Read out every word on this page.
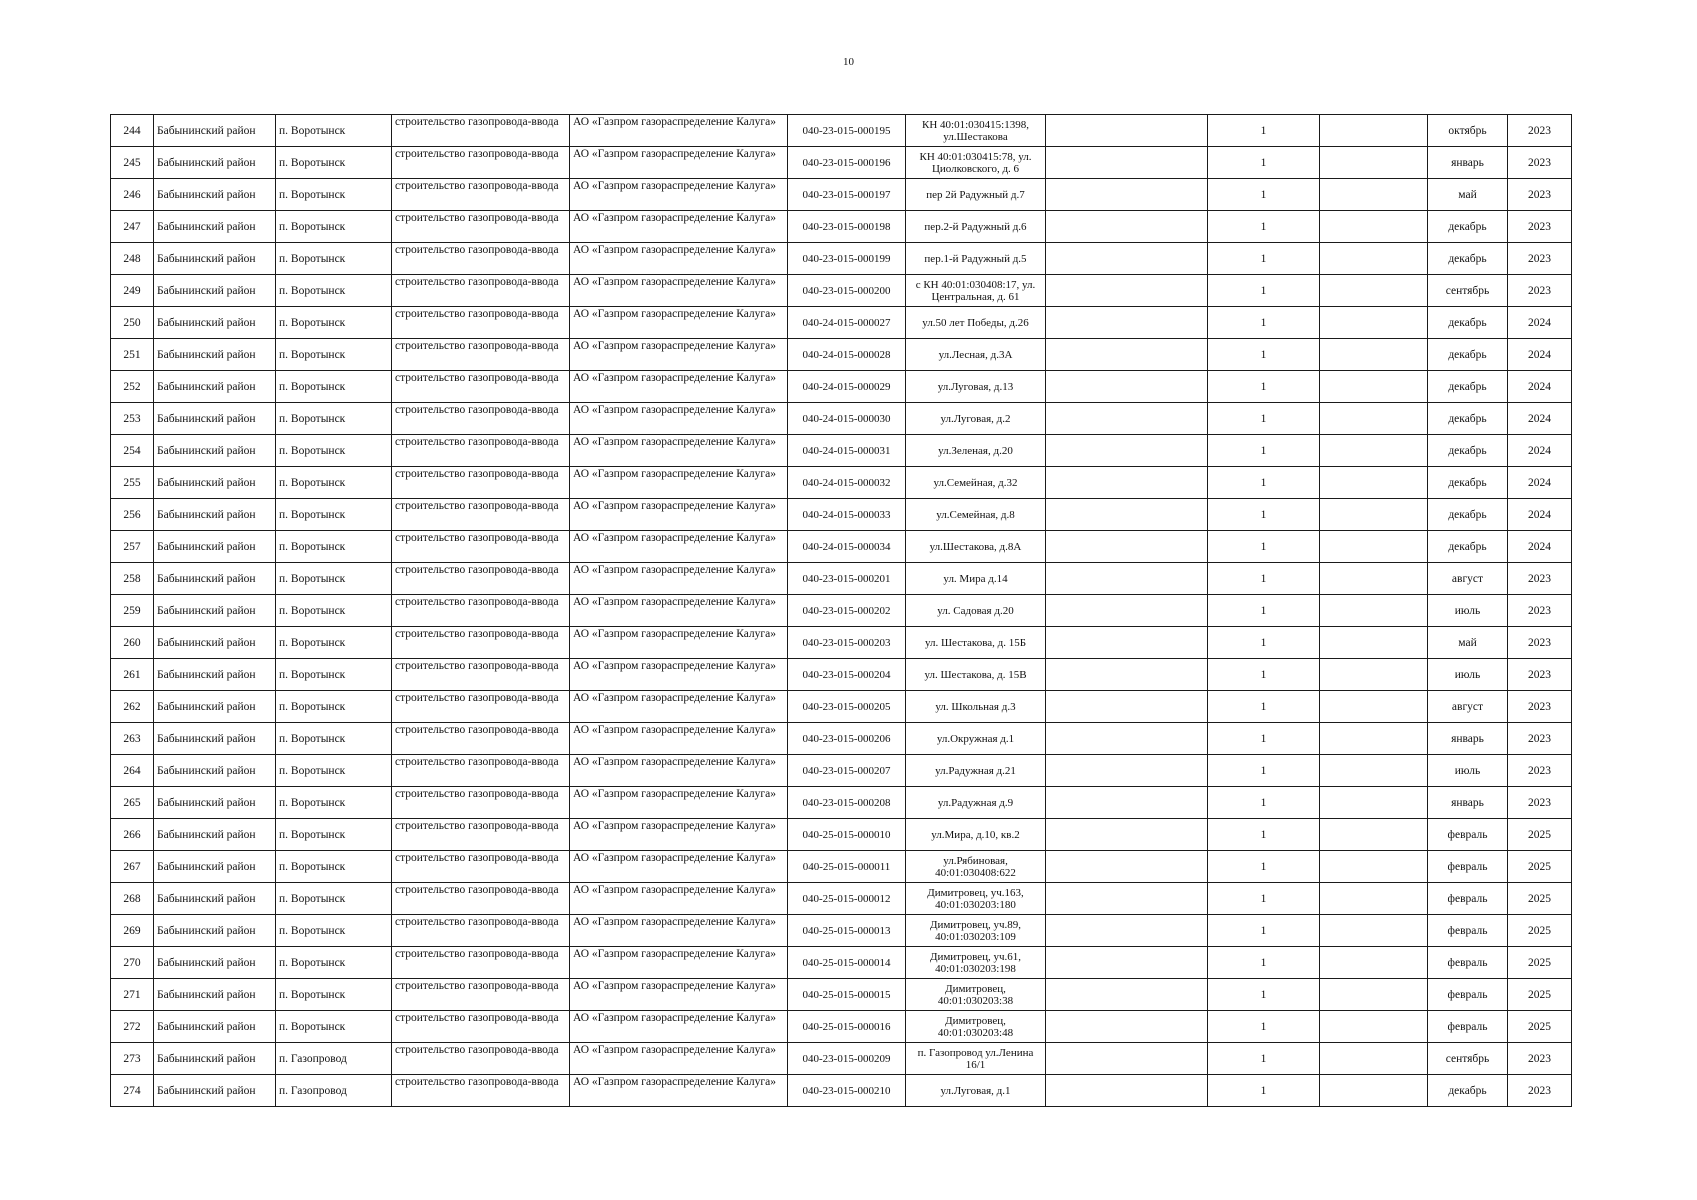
10
244	Бабынинский район	п. Воротынск	строительство газопровода-ввода	АО «Газпром газораспределение Калуга»	040-23-015-000195	КН 40:01:030415:1398, ул.Шестакова		1		октябрь	2023
245	Бабынинский район	п. Воротынск	строительство газопровода-ввода	АО «Газпром газораспределение Калуга»	040-23-015-000196	КН 40:01:030415:78, ул. Циолковского, д. 6		1		январь	2023
246	Бабынинский район	п. Воротынск	строительство газопровода-ввода	АО «Газпром газораспределение Калуга»	040-23-015-000197	пер 2й Радужный д.7		1		май	2023
247	Бабынинский район	п. Воротынск	строительство газопровода-ввода	АО «Газпром газораспределение Калуга»	040-23-015-000198	пер.2-й Радужный д.6		1		декабрь	2023
248	Бабынинский район	п. Воротынск	строительство газопровода-ввода	АО «Газпром газораспределение Калуга»	040-23-015-000199	пер.1-й Радужный д.5		1		декабрь	2023
249	Бабынинский район	п. Воротынск	строительство газопровода-ввода	АО «Газпром газораспределение Калуга»	040-23-015-000200	с КН 40:01:030408:17, ул. Центральная, д. 61		1		сентябрь	2023
250	Бабынинский район	п. Воротынск	строительство газопровода-ввода	АО «Газпром газораспределение Калуга»	040-24-015-000027	ул.50 лет Победы, д.26		1		декабрь	2024
251	Бабынинский район	п. Воротынск	строительство газопровода-ввода	АО «Газпром газораспределение Калуга»	040-24-015-000028	ул.Лесная, д.3А		1		декабрь	2024
252	Бабынинский район	п. Воротынск	строительство газопровода-ввода	АО «Газпром газораспределение Калуга»	040-24-015-000029	ул.Луговая, д.13		1		декабрь	2024
253	Бабынинский район	п. Воротынск	строительство газопровода-ввода	АО «Газпром газораспределение Калуга»	040-24-015-000030	ул.Луговая, д.2		1		декабрь	2024
254	Бабынинский район	п. Воротынск	строительство газопровода-ввода	АО «Газпром газораспределение Калуга»	040-24-015-000031	ул.Зеленая, д.20		1		декабрь	2024
255	Бабынинский район	п. Воротынск	строительство газопровода-ввода	АО «Газпром газораспределение Калуга»	040-24-015-000032	ул.Семейная, д.32		1		декабрь	2024
256	Бабынинский район	п. Воротынск	строительство газопровода-ввода	АО «Газпром газораспределение Калуга»	040-24-015-000033	ул.Семейная, д.8		1		декабрь	2024
257	Бабынинский район	п. Воротынск	строительство газопровода-ввода	АО «Газпром газораспределение Калуга»	040-24-015-000034	ул.Шестакова, д.8А		1		декабрь	2024
258	Бабынинский район	п. Воротынск	строительство газопровода-ввода	АО «Газпром газораспределение Калуга»	040-23-015-000201	ул. Мира д.14		1		август	2023
259	Бабынинский район	п. Воротынск	строительство газопровода-ввода	АО «Газпром газораспределение Калуга»	040-23-015-000202	ул. Садовая д.20		1		июль	2023
260	Бабынинский район	п. Воротынск	строительство газопровода-ввода	АО «Газпром газораспределение Калуга»	040-23-015-000203	ул. Шестакова, д. 15Б		1		май	2023
261	Бабынинский район	п. Воротынск	строительство газопровода-ввода	АО «Газпром газораспределение Калуга»	040-23-015-000204	ул. Шестакова, д. 15В		1		июль	2023
262	Бабынинский район	п. Воротынск	строительство газопровода-ввода	АО «Газпром газораспределение Калуга»	040-23-015-000205	ул. Школьная д.3		1		август	2023
263	Бабынинский район	п. Воротынск	строительство газопровода-ввода	АО «Газпром газораспределение Калуга»	040-23-015-000206	ул.Окружная д.1		1		январь	2023
264	Бабынинский район	п. Воротынск	строительство газопровода-ввода	АО «Газпром газораспределение Калуга»	040-23-015-000207	ул.Радужная д.21		1		июль	2023
265	Бабынинский район	п. Воротынск	строительство газопровода-ввода	АО «Газпром газораспределение Калуга»	040-23-015-000208	ул.Радужная д.9		1		январь	2023
266	Бабынинский район	п. Воротынск	строительство газопровода-ввода	АО «Газпром газораспределение Калуга»	040-25-015-000010	ул.Мира, д.10, кв.2		1		февраль	2025
267	Бабынинский район	п. Воротынск	строительство газопровода-ввода	АО «Газпром газораспределение Калуга»	040-25-015-000011	ул.Рябиновая, 40:01:030408:622		1		февраль	2025
268	Бабынинский район	п. Воротынск	строительство газопровода-ввода	АО «Газпром газораспределение Калуга»	040-25-015-000012	Димитровец, уч.163, 40:01:030203:180		1		февраль	2025
269	Бабынинский район	п. Воротынск	строительство газопровода-ввода	АО «Газпром газораспределение Калуга»	040-25-015-000013	Димитровец, уч.89, 40:01:030203:109		1		февраль	2025
270	Бабынинский район	п. Воротынск	строительство газопровода-ввода	АО «Газпром газораспределение Калуга»	040-25-015-000014	Димитровец, уч.61, 40:01:030203:198		1		февраль	2025
271	Бабынинский район	п. Воротынск	строительство газопровода-ввода	АО «Газпром газораспределение Калуга»	040-25-015-000015	Димитровец, 40:01:030203:38		1		февраль	2025
272	Бабынинский район	п. Воротынск	строительство газопровода-ввода	АО «Газпром газораспределение Калуга»	040-25-015-000016	Димитровец, 40:01:030203:48		1		февраль	2025
273	Бабынинский район	п. Газопровод	строительство газопровода-ввода	АО «Газпром газораспределение Калуга»	040-23-015-000209	п. Газопровод ул.Ленина 16/1		1		сентябрь	2023
274	Бабынинский район	п. Газопровод	строительство газопровода-ввода	АО «Газпром газораспределение Калуга»	040-23-015-000210	ул.Луговая, д.1		1		декабрь	2023
